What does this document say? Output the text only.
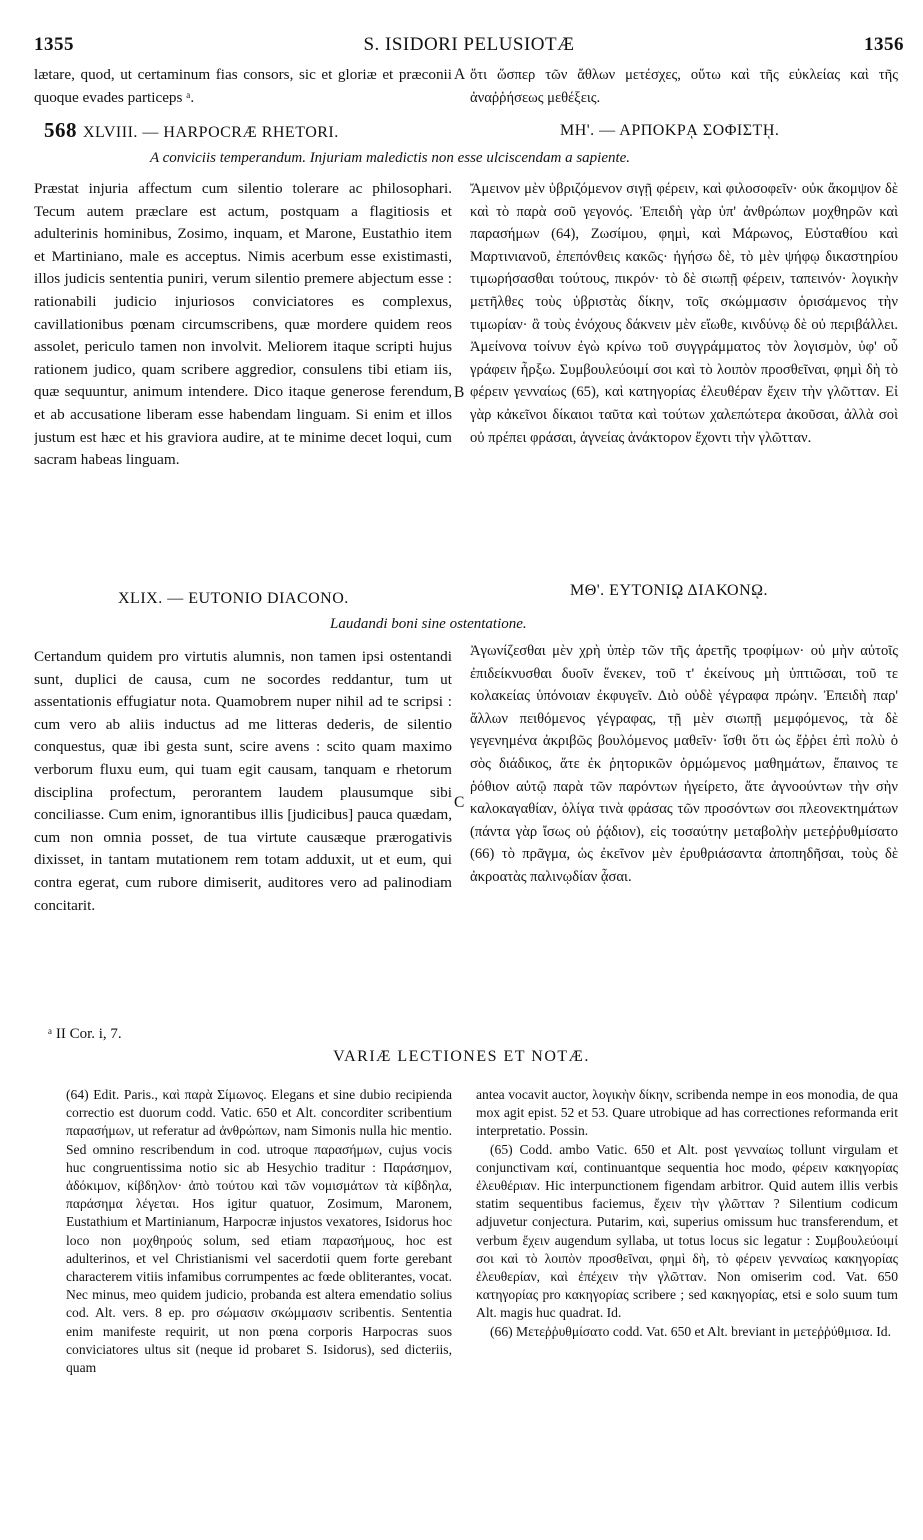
1355	S. ISIDORI PELUSIOTÆ	1356

lætare, quod, ut certaminum fias consors, sic et gloriæ et præconii quoque evades particeps ᵃ.

ὅτι ὥσπερ τῶν ἄθλων μετέσχες, οὕτω καὶ τῆς εὐκλείας καὶ τῆς ἀναῤῥήσεως μεθέξεις.

A
568 XLVIII. — HARPOCRÆ RHETORI.	ΜΗ'. — ΑΡΠΟΚΡᾼ ΣΟΦΙΣΤῌ.
A conviciis temperandum. Injuriam maledictis non esse ulciscendam a sapiente.

Præstat injuria affectum cum silentio tolerare ac philosophari. Tecum autem præclare est actum, postquam a flagitiosis et adulterinis hominibus, Zosimo, inquam, et Marone, Eustathio item et Martiniano, male es acceptus. Nimis acerbum esse existimasti, illos judicis sententia puniri, verum silentio premere abjectum esse : rationabili judicio injuriosos conviciatores es complexus, cavillationibus pœnam circumscribens, quæ mordere quidem reos assolet, periculo tamen non involvit. Meliorem itaque scripti hujus rationem judico, quam scribere aggredior, consulens tibi etiam iis, quæ sequuntur, animum intendere. Dico itaque generose ferendum, et ab accusatione liberam esse habendam linguam. Si enim et illos justum est hæc et his graviora audire, at te minime decet loqui, cum sacram habeas linguam.

Ἄμεινον μὲν ὑβριζόμενον σιγῇ φέρειν, καὶ φιλοσοφεῖν· οὐκ ἄκομψον δὲ καὶ τὸ παρὰ σοῦ γεγονός. Ἐπειδὴ γὰρ ὑπ' ἀνθρώπων μοχθηρῶν καὶ παρασήμων (64), Ζωσίμου, φημὶ, καὶ Μάρωνος, Εὐσταθίου καὶ Μαρτινιανοῦ, ἐπεπόνθεις κακῶς· ἡγήσω δὲ, τὸ μὲν ψήφῳ δικαστηρίου τιμωρήσασθαι τούτους, πικρόν· τὸ δὲ σιωπῇ φέρειν, ταπεινόν· λογικὴν μετῆλθες τοὺς ὑβριστὰς δίκην, τοῖς σκώμμασιν ὁρισάμενος τὴν τιμωρίαν· ἃ τοὺς ἐνόχους δάκνειν μὲν εἴωθε, κινδύνῳ δὲ οὐ περιβάλλει. Ἀμείνονα τοίνυν ἐγὼ κρίνω τοῦ συγγράμματος τὸν λογισμὸν, ὑφ' οὗ γράφειν ἦρξω. Συμβουλεύοιμί σοι καὶ τὸ λοιπὸν προσθεῖναι, φημὶ δὴ τὸ φέρειν γενναίως (65), καὶ κατηγορίας ἐλευθέραν ἔχειν τὴν γλῶτταν. Εἰ γὰρ κἀκεῖνοι δίκαιοι ταῦτα καὶ τούτων χαλεπώτερα ἀκοῦσαι, ἀλλὰ σοὶ οὐ πρέπει φράσαι, ἁγνείας ἀνάκτορον ἔχοντι τὴν γλῶτταν.

B
XLIX. — EUTONIO DIACONO.	ΜΘ'. ΕΥΤΟΝΙῼ ΔΙΑΚΟΝῼ.
Laudandi boni sine ostentatione.

Certandum quidem pro virtutis alumnis, non tamen ipsi ostentandi sunt, duplici de causa, cum ne socordes reddantur, tum ut assentationis effugiatur nota. Quamobrem nuper nihil ad te scripsi : cum vero ab aliis inductus ad me litteras dederis, de silentio conquestus, quæ ibi gesta sunt, scire avens : scito quam maximo verborum fluxu eum, qui tuam egit causam, tanquam e rhetorum disciplina profectum, perorantem laudem plausumque sibi conciliasse. Cum enim, ignorantibus illis [judicibus] pauca quædam, cum non omnia posset, de tua virtute causæque prærogativis dixisset, in tantam mutationem rem totam adduxit, ut et eum, qui contra egerat, cum rubore dimiserit, auditores vero ad palinodiam concitarit.

Ἀγωνίζεσθαι μὲν χρὴ ὑπὲρ τῶν τῆς ἀρετῆς τροφίμων· οὐ μὴν αὐτοῖς ἐπιδείκνυσθαι δυοῖν ἕνεκεν, τοῦ τ' ἐκείνους μὴ ὑπτιῶσαι, τοῦ τε κολακείας ὑπόνοιαν ἐκφυγεῖν. Διὸ οὐδὲ γέγραφα πρώην. Ἐπειδὴ παρ' ἄλλων πειθόμενος γέγραφας, τῇ μὲν σιωπῇ μεμφόμενος, τὰ δὲ γεγενημένα ἀκριβῶς βουλόμενος μαθεῖν· ἴσθι ὅτι ὡς ἔῤῥει ἐπὶ πολὺ ὁ σὸς διάδικος, ἅτε ἐκ ῥητορικῶν ὁρμώμενος μαθημάτων, ἔπαινος τε ῥόθιον αὐτῷ παρὰ τῶν παρόντων ἠγείρετο, ἅτε ἀγνοούντων τὴν σὴν καλοκαγαθίαν, ὀλίγα τινὰ φράσας τῶν προσόντων σοι πλεονεκτημάτων (πάντα γὰρ ἴσως οὐ ῥᾴδιον), εἰς τοσαύτην μεταβολὴν μετεῤῥυθμίσατο (66) τὸ πρᾶγμα, ὡς ἐκεῖνον μὲν ἐρυθριάσαντα ἀποπηδῆσαι, τοὺς δὲ ἀκροατὰς παλινῳδίαν ᾆσαι.

C
ᵃ II Cor. i, 7.
VARIÆ LECTIONES ET NOTÆ.

(64) Edit. Paris., καὶ παρὰ Σίμωνος. Elegans et sine dubio recipienda correctio est duorum codd. Vatic. 650 et Alt. concorditer scribentium παρασήμων, ut referatur ad ἀνθρώπων, nam Simonis nulla hic mentio. Sed omnino rescribendum in cod. utroque παρασήμων, cujus vocis huc congruentissima notio sic ab Hesychio traditur : Παράσημον, ἀδόκιμον, κίβδηλον· ἀπὸ τούτου καὶ τῶν νομισμάτων τὰ κίβδηλα, παράσημα λέγεται. Hos igitur quatuor, Zosimum, Maronem, Eustathium et Martinianum, Harpocræ injustos vexatores, Isidorus hoc loco non μοχθηρούς solum, sed etiam παρασήμους, hoc est adulterinos, et vel Christianismi vel sacerdotii quem forte gerebant characterem vitiis infamibus corrumpentes ac fœde obliterantes, vocat. Nec minus, meo quidem judicio, probanda est altera emendatio solius cod. Alt. vers. 8 ep. pro σώμασιν σκώμμασιν scribentis. Sententia enim manifeste requirit, ut non pœna corporis Harpocras suos conviciatores ultus sit (neque id probaret S. Isidorus), sed dicteriis, quam

antea vocavit auctor, λογικὴν δίκην, scribenda nempe in eos monodia, de qua mox agit epist. 52 et 53. Quare utrobique ad has correctiones reformanda erit interpretatio. Possin.

(65) Codd. ambo Vatic. 650 et Alt. post γενναίως tollunt virgulam et conjunctivam καί, continuantque sequentia hoc modo, φέρειν κακηγορίας ἐλευθέριαν. Hic interpunctionem figendam arbitror. Quid autem illis verbis statim sequentibus faciemus, ἔχειν τὴν γλῶτταν ? Silentium codicum adjuvetur conjectura. Putarim, καὶ, superius omissum huc transferendum, et verbum ἔχειν augendum syllaba, ut totus locus sic legatur : Συμβουλεύοιμί σοι καὶ τὸ λοιπὸν προσθεῖναι, φημὶ δὴ, τὸ φέρειν γενναίως κακηγορίας ἐλευθερίαν, καὶ ἐπέχειν τὴν γλῶτταν. Non omiserim cod. Vat. 650 κατηγορίας pro κακηγορίας scribere ; sed κακηγορίας, etsi e solo suum tum Alt. magis huc quadrat. Id.

(66) Μετεῤῥυθμίσατο codd. Vat. 650 et Alt. breviant in μετεῤῥύθμισα. Id.
